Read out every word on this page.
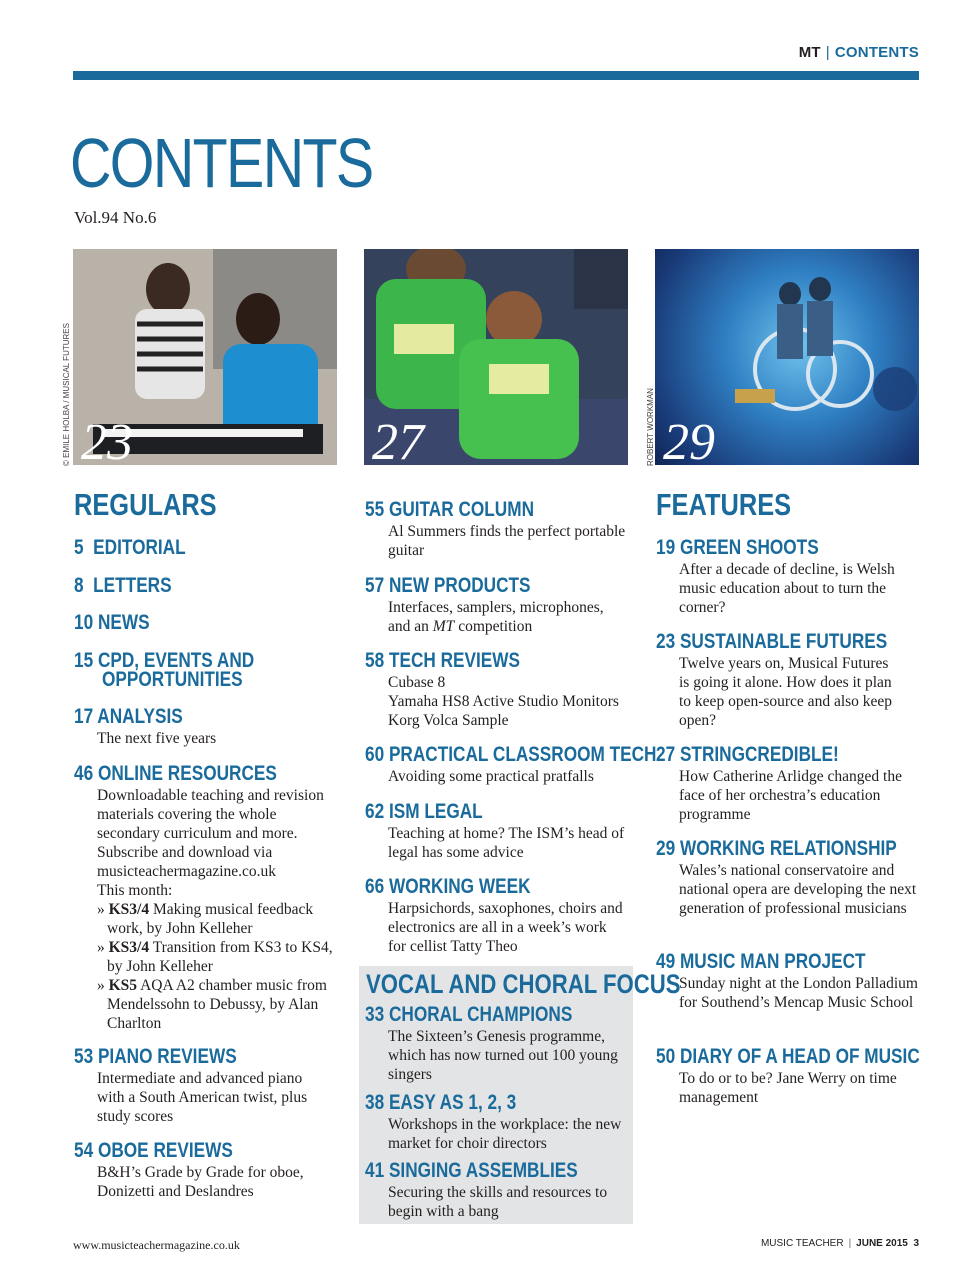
MT | CONTENTS
CONTENTS
Vol.94 No.6
© EMILE HOLBA / MUSICAL FUTURES 23	27	ROBERT WORKMAN 29
REGULARS
5 EDITORIAL
8 LETTERS
10 NEWS
15 CPD, EVENTS AND
OPPORTUNITIES
17 ANALYSIS
The next five years
46 ONLINE RESOURCES
Downloadable teaching and revision materials covering the whole secondary curriculum and more. Subscribe and download via musicteachermagazine.co.uk
This month:
» KS3/4 Making musical feedback work, by John Kelleher
» KS3/4 Transition from KS3 to KS4, by John Kelleher
» KS5 AQA A2 chamber music from Mendelssohn to Debussy, by Alan Charlton
53 PIANO REVIEWS
Intermediate and advanced piano with a South American twist, plus study scores
54 OBOE REVIEWS
B&H’s Grade by Grade for oboe, Donizetti and Deslandres
55 GUITAR COLUMN
Al Summers finds the perfect portable guitar
57 NEW PRODUCTS
Interfaces, samplers, microphones, and an MT competition
58 TECH REVIEWS
Cubase 8
Yamaha HS8 Active Studio Monitors
Korg Volca Sample
60 PRACTICAL CLASSROOM TECH
Avoiding some practical pratfalls
62 ISM LEGAL
Teaching at home? The ISM’s head of legal has some advice
66 WORKING WEEK
Harpsichords, saxophones, choirs and electronics are all in a week’s work for cellist Tatty Theo
VOCAL AND CHORAL FOCUS
33 CHORAL CHAMPIONS
The Sixteen’s Genesis programme, which has now turned out 100 young singers
38 EASY AS 1, 2, 3
Workshops in the workplace: the new market for choir directors
41 SINGING ASSEMBLIES
Securing the skills and resources to begin with a bang
FEATURES
19 GREEN SHOOTS
After a decade of decline, is Welsh music education about to turn the corner?
23 SUSTAINABLE FUTURES
Twelve years on, Musical Futures is going it alone. How does it plan to keep open-source and also keep open?
27 STRINGCREDIBLE!
How Catherine Arlidge changed the face of her orchestra’s education programme
29 WORKING RELATIONSHIP
Wales’s national conservatoire and national opera are developing the next generation of professional musicians
49 MUSIC MAN PROJECT
Sunday night at the London Palladium for Southend’s Mencap Music School
50 DIARY OF A HEAD OF MUSIC
To do or to be? Jane Werry on time management
www.musicteachermagazine.co.uk	MUSIC TEACHER | JUNE 2015 3
